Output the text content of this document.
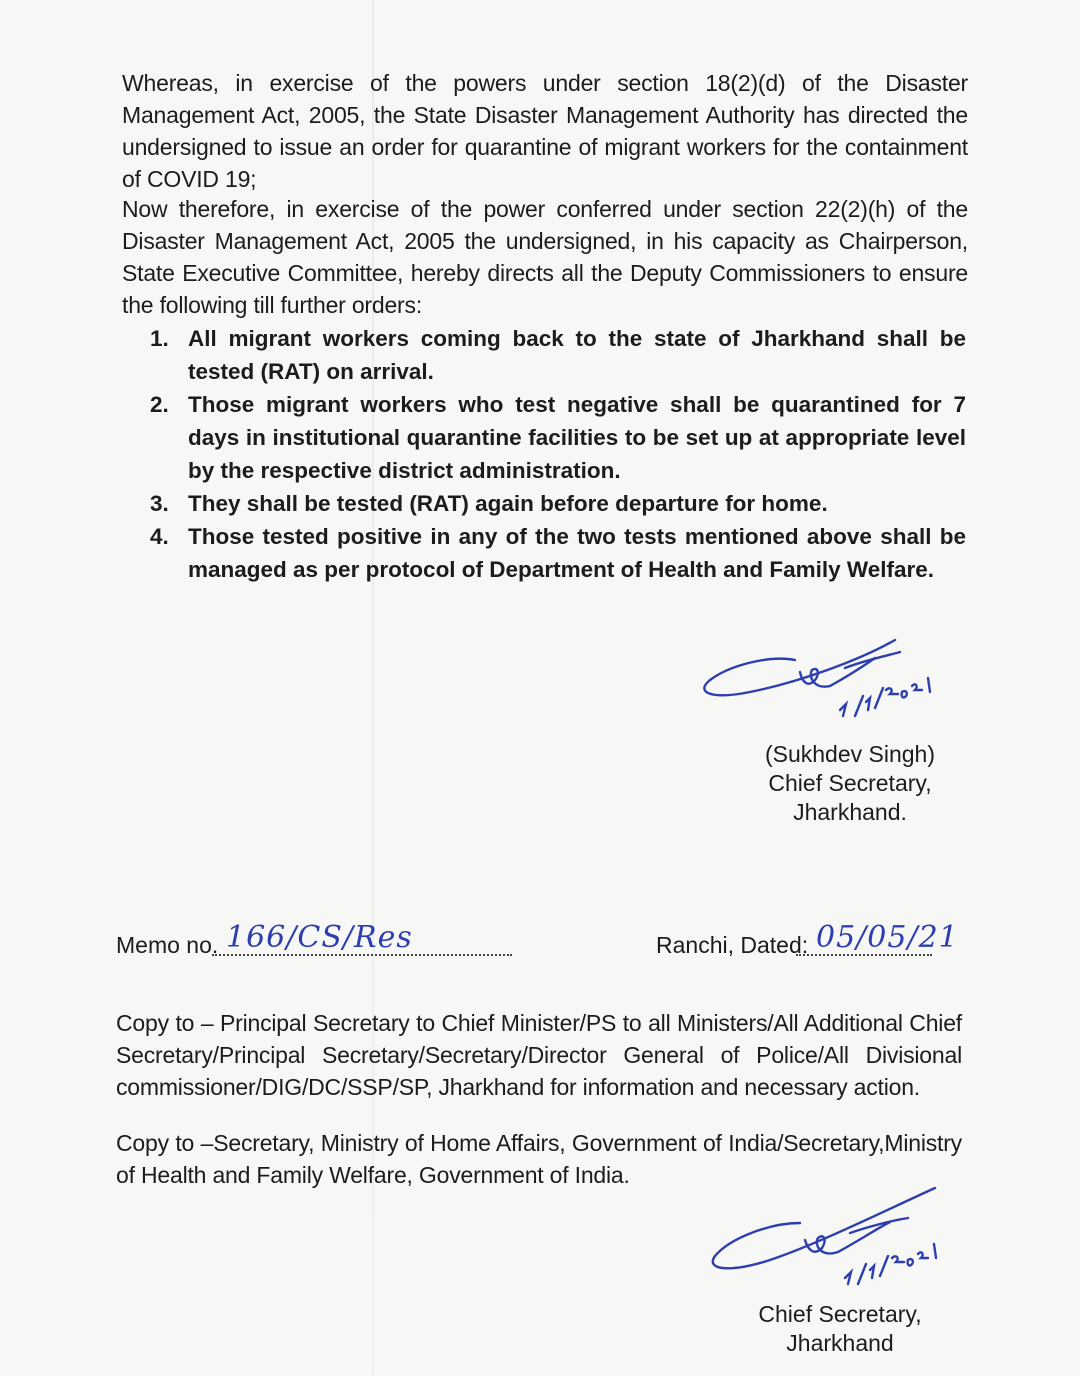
Whereas, in exercise of the powers under section 18(2)(d) of the Disaster Management Act, 2005, the State Disaster Management Authority has directed the undersigned to issue an order for quarantine of migrant workers for the containment of COVID 19;

Now therefore, in exercise of the power conferred under section 22(2)(h) of the Disaster Management Act, 2005 the undersigned, in his capacity as Chairperson, State Executive Committee, hereby directs all the Deputy Commissioners to ensure the following till further orders:

1. All migrant workers coming back to the state of Jharkhand shall be tested (RAT) on arrival.
2. Those migrant workers who test negative shall be quarantined for 7 days in institutional quarantine facilities to be set up at appropriate level by the respective district administration.
3. They shall be tested (RAT) again before departure for home.
4. Those tested positive in any of the two tests mentioned above shall be managed as per protocol of Department of Health and Family Welfare.
(Sukhdev Singh)
Chief Secretary,
Jharkhand.
Memo no. 166/CS/Res	Ranchi, Dated: 05/05/21

Copy to – Principal Secretary to Chief Minister/PS to all Ministers/All Additional Chief Secretary/Principal Secretary/Secretary/Director General of Police/All Divisional commissioner/DIG/DC/SSP/SP, Jharkhand for information and necessary action.

Copy to –Secretary, Ministry of Home Affairs, Government of India/Secretary,Ministry of Health and Family Welfare, Government of India.

Chief Secretary,
Jharkhand
